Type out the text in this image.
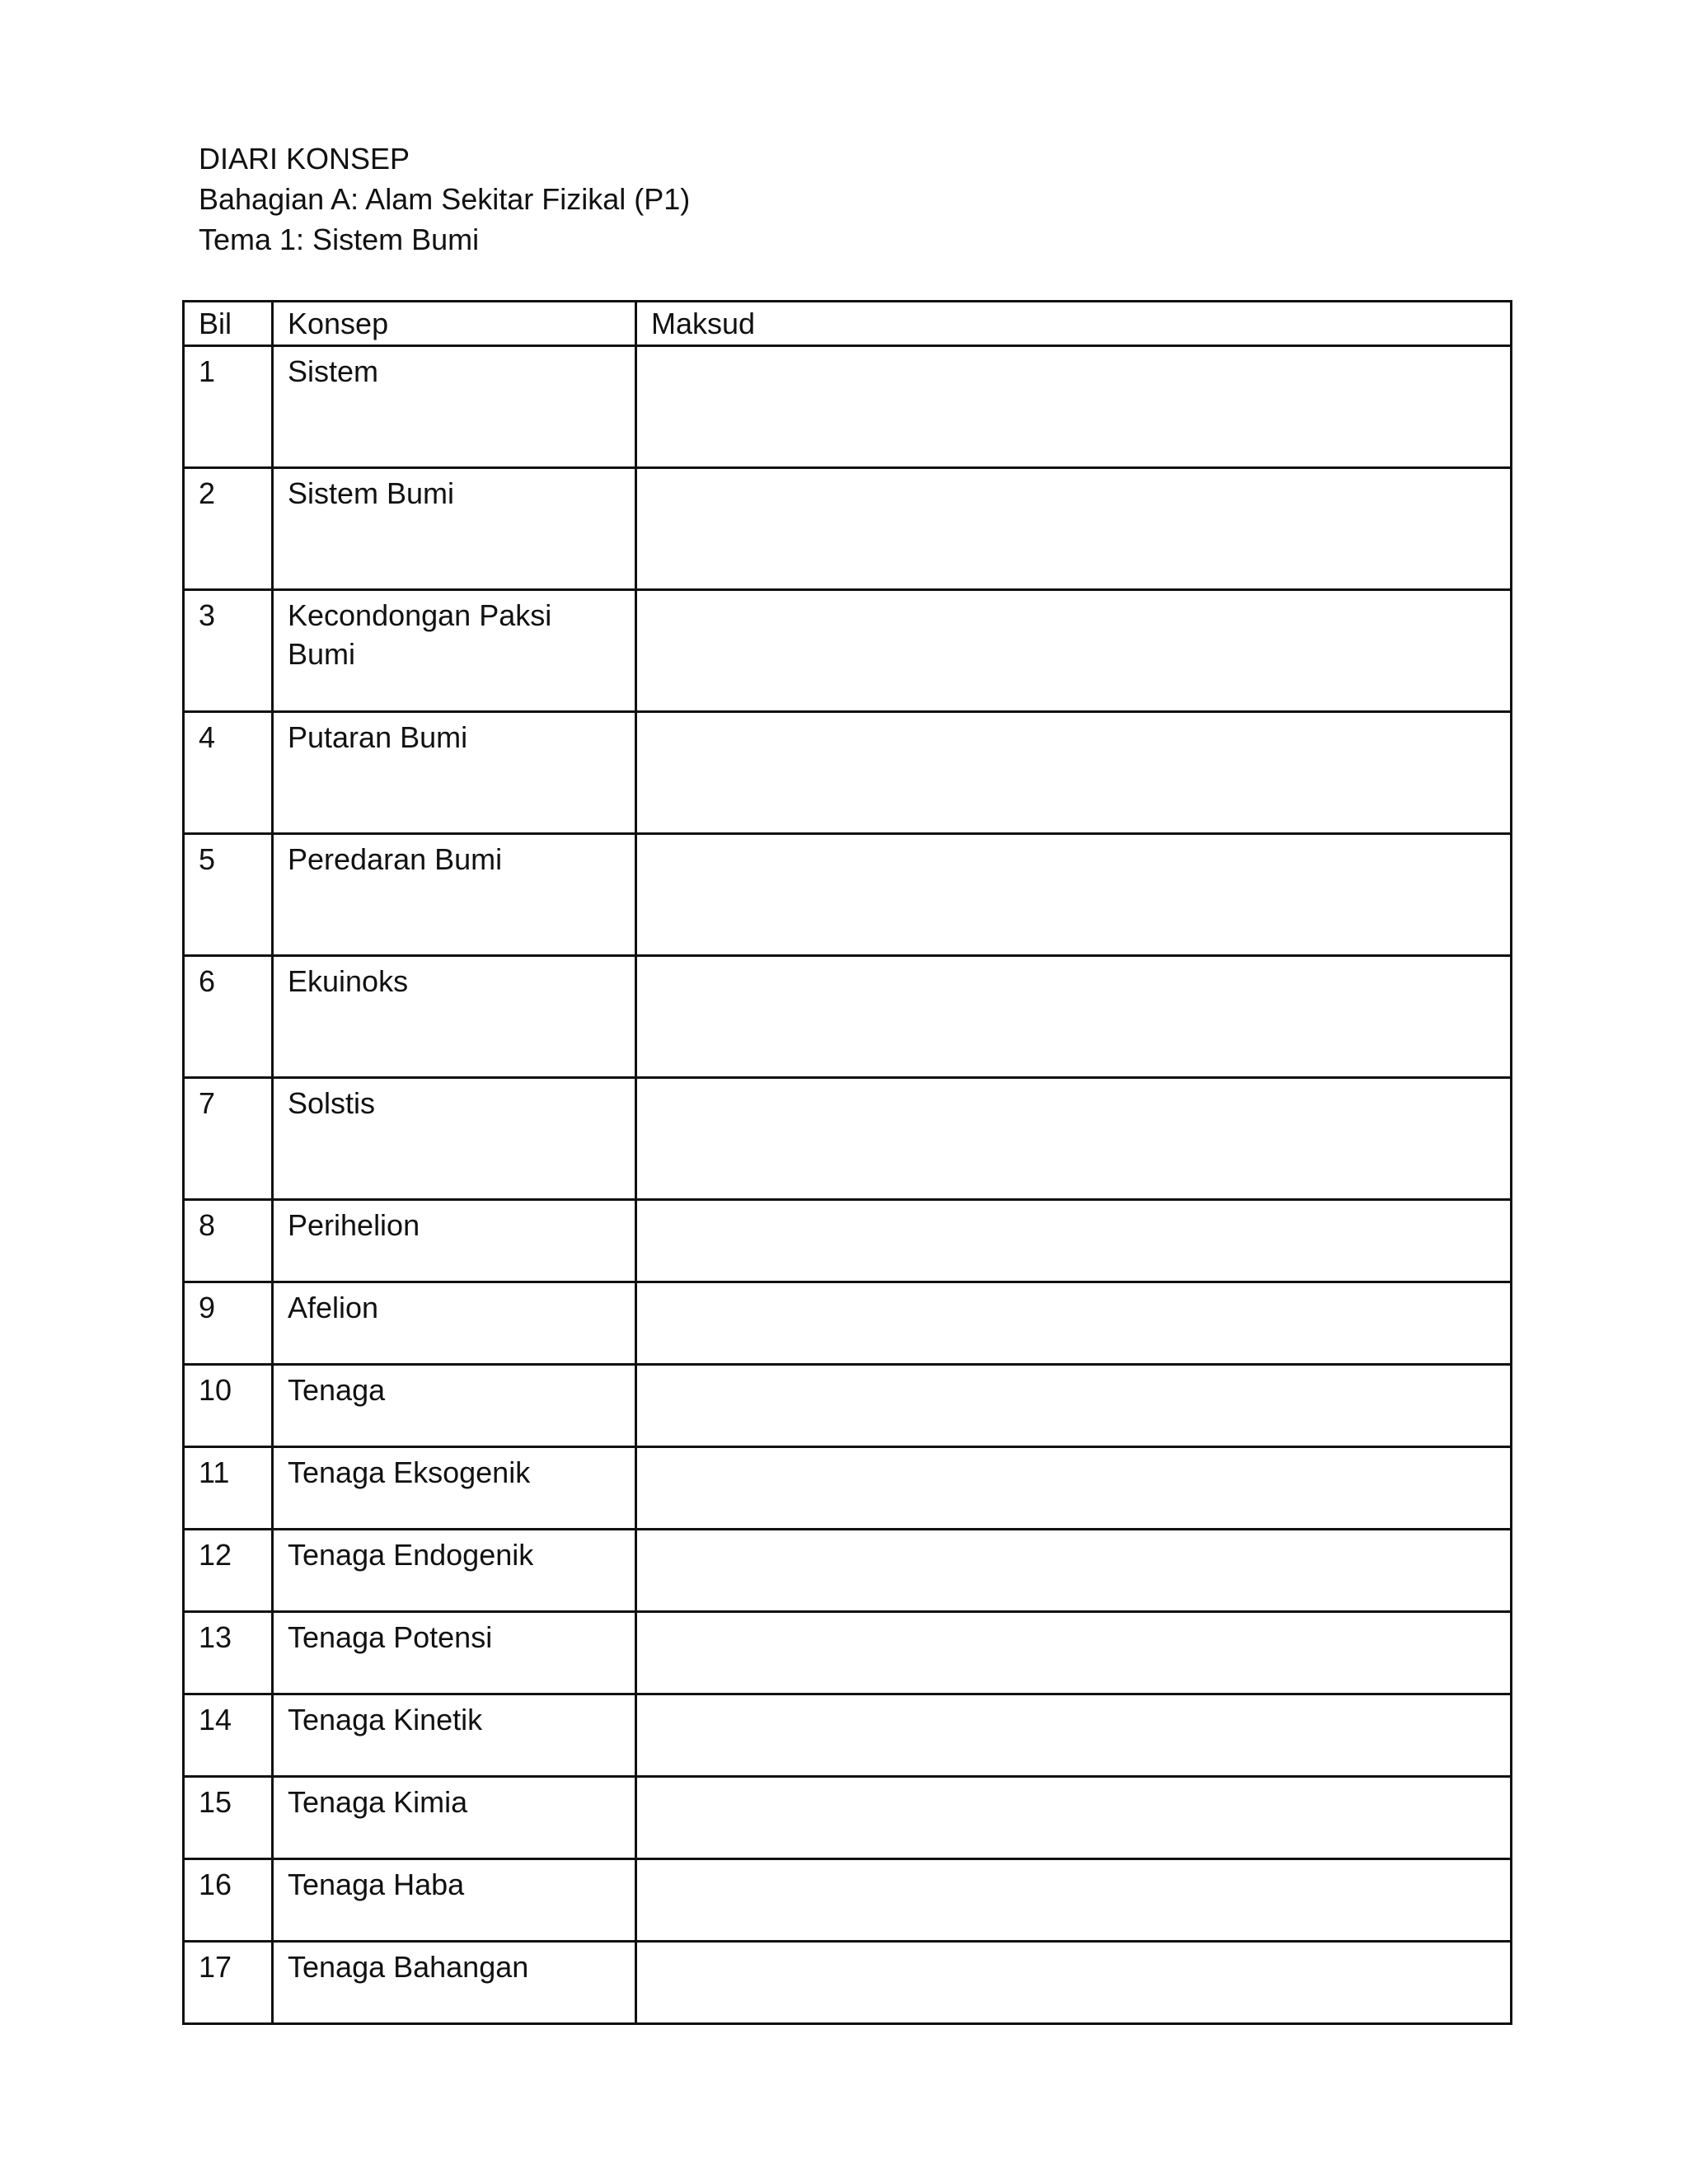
DIARI KONSEP
Bahagian A: Alam Sekitar Fizikal (P1)
Tema 1: Sistem Bumi
Bil	Konsep	Maksud
1	Sistem	
2	Sistem Bumi	
3	Kecondongan Paksi Bumi	
4	Putaran Bumi	
5	Peredaran Bumi	
6	Ekuinoks	
7	Solstis	
8	Perihelion	
9	Afelion	
10	Tenaga	
11	Tenaga Eksogenik	
12	Tenaga Endogenik	
13	Tenaga Potensi	
14	Tenaga Kinetik	
15	Tenaga Kimia	
16	Tenaga Haba	
17	Tenaga Bahangan	
